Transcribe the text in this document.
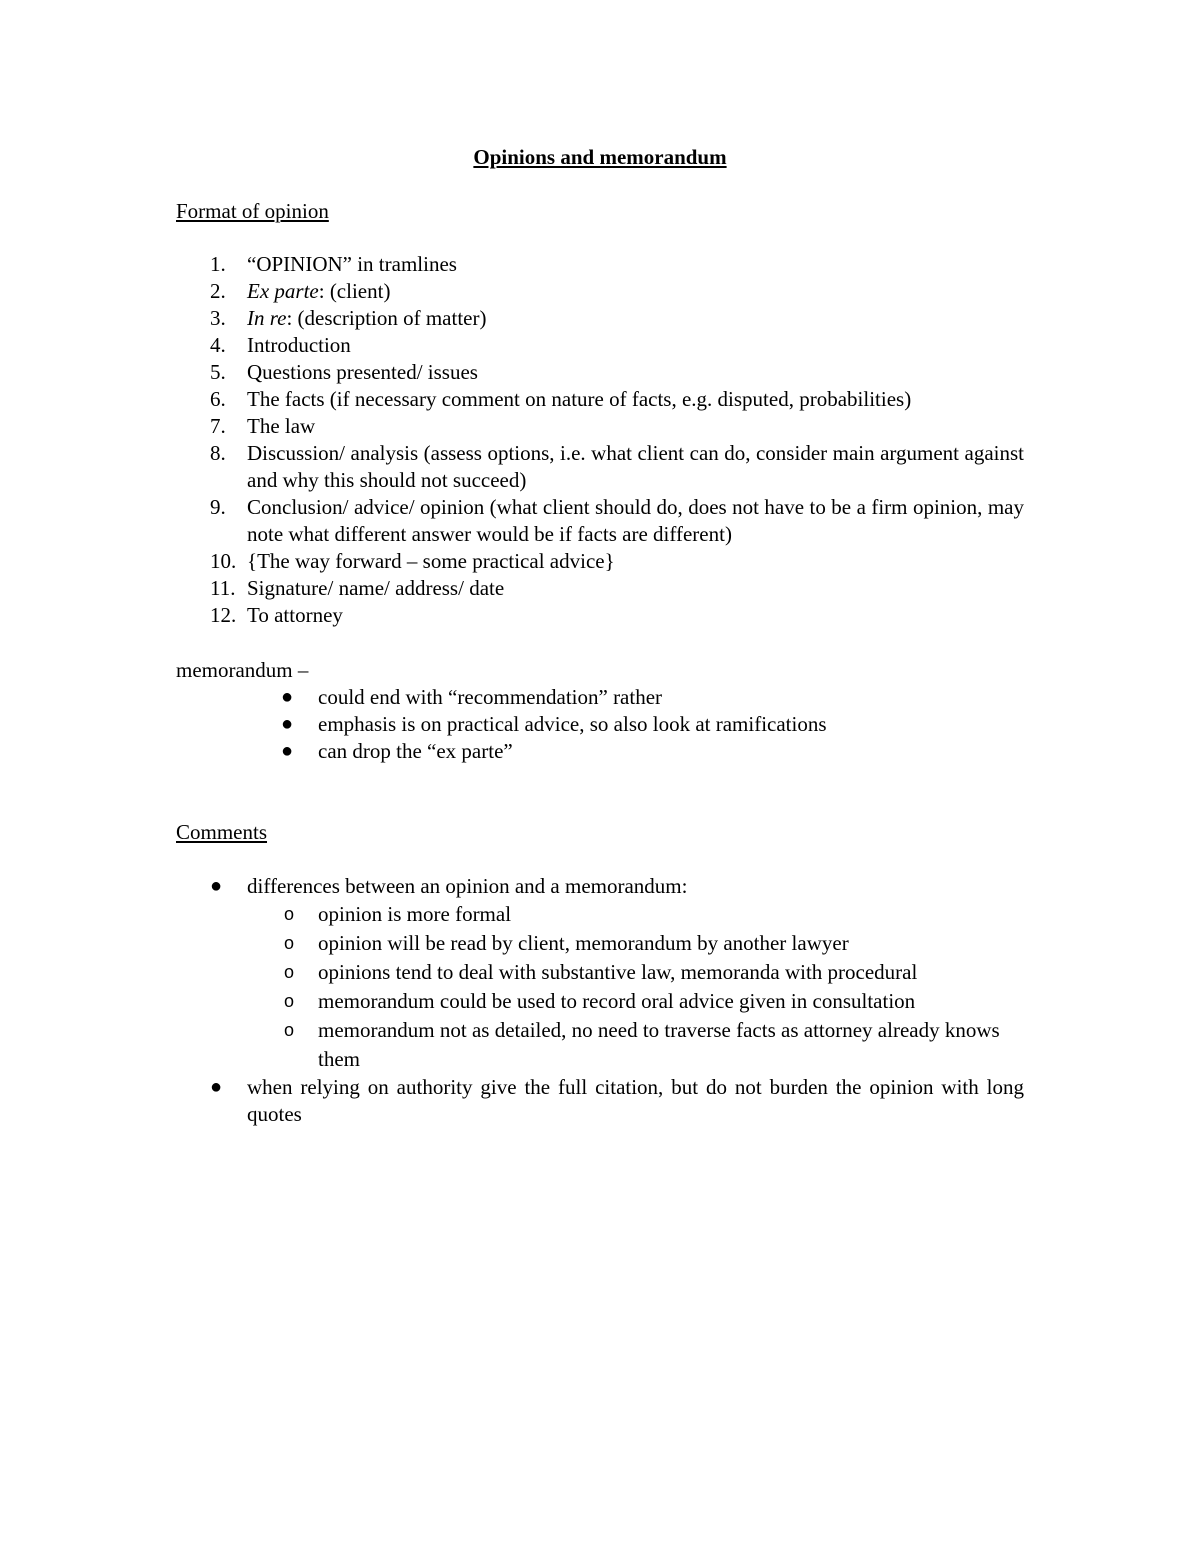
Opinions and memorandum
Format of opinion
1. “OPINION” in tramlines
2. Ex parte: (client)
3. In re: (description of matter)
4. Introduction
5. Questions presented/ issues
6. The facts (if necessary comment on nature of facts, e.g. disputed, probabilities)
7. The law
8. Discussion/ analysis (assess options, i.e. what client can do, consider main argument against and why this should not succeed)
9. Conclusion/ advice/ opinion (what client should do, does not have to be a firm opinion, may note what different answer would be if facts are different)
10. {The way forward – some practical advice}
11. Signature/ name/ address/ date
12. To attorney
memorandum –
● could end with “recommendation” rather
● emphasis is on practical advice, so also look at ramifications
● can drop the “ex parte”
Comments
● differences between an opinion and a memorandum:
o opinion is more formal
o opinion will be read by client, memorandum by another lawyer
o opinions tend to deal with substantive law, memoranda with procedural
o memorandum could be used to record oral advice given in consultation
o memorandum not as detailed, no need to traverse facts as attorney already knows them
● when relying on authority give the full citation, but do not burden the opinion with long quotes
